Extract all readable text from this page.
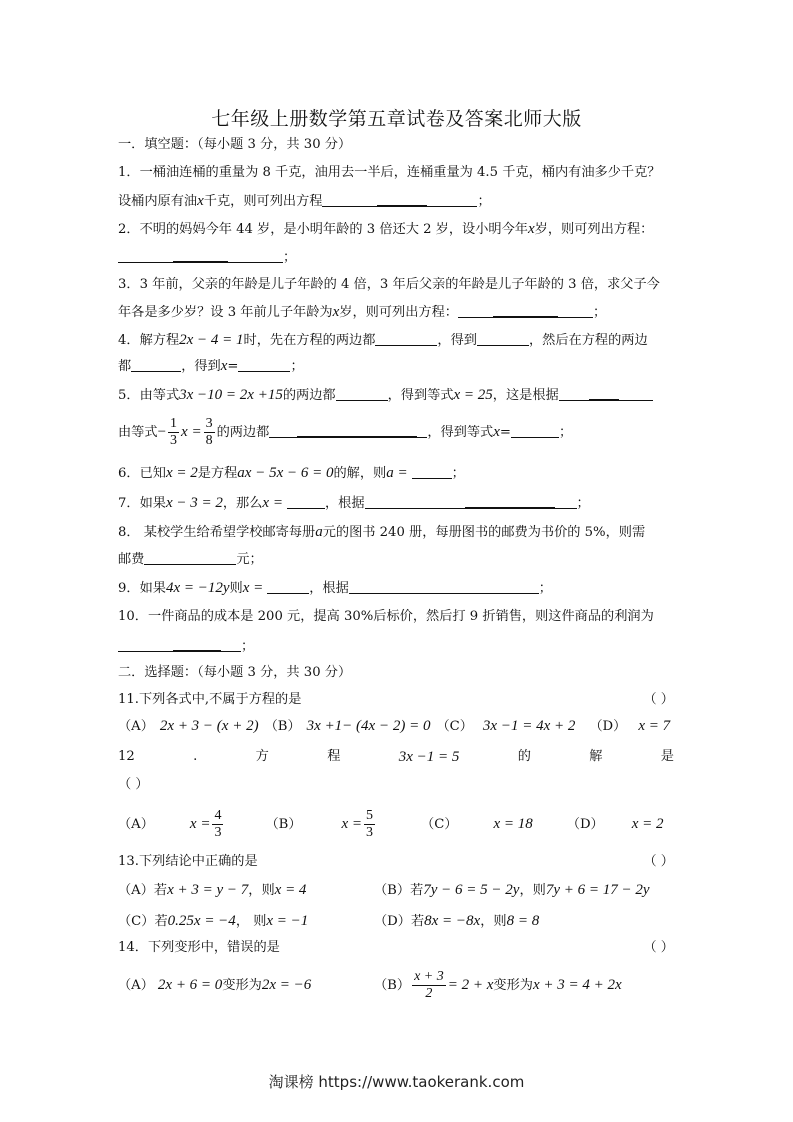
七年级上册数学第五章试卷及答案北师大版
一．填空题：（每小题 3 分，共 30 分）
1．一桶油连桶的重量为 8 千克，油用去一半后，连桶重量为 4.5 千克，桶内有油多少千克？
设桶内原有油x千克，则可列出方程	；
2．不明的妈妈今年 44 岁，是小明年龄的 3 倍还大 2 岁，设小明今年x岁，则可列出方程：
；
3．3 年前，父亲的年龄是儿子年龄的 4 倍，3 年后父亲的年龄是儿子年龄的 3 倍，求父子今
年各是多少岁？设 3 年前儿子年龄为x岁，则可列出方程：	；
4．解方程2x − 4 = 1时，先在方程的两边都	，得到	，然后在方程的两边
都	，得到x=	；
5．由等式3x −10 = 2x +15的两边都	，得到等式x = 25，这是根据
由等式− $\frac{1}{3}$ $x = \frac{3}{8}$ 的两边都	，得到等式x=	；
6．已知x = 2是方程ax − 5x − 6 = 0的解，则a =	；
7．如果x − 3 = 2，那么x =	，根据	；
8． 某校学生给希望学校邮寄每册a元的图书 240 册，每册图书的邮费为书价的 5%，则需
邮费	元；
9．如果4x = −12y则x =	，根据	；
10．一件商品的成本是 200 元，提高 30%后标价，然后打 9 折销售，则这件商品的利润为
；
二．选择题：（每小题 3 分，共 30 分）
11.下列各式中,不属于方程的是	（ ）
（A） 2x + 3 − (x + 2) （B） 3x +1− (4x − 2) = 0 （C） 3x −1 = 4x + 2 （D） x = 7
12	.	方	程	3x −1 = 5	的	解	是
（ ）
（A） $x = \frac{4}{3}$	（B）	$x = \frac{5}{3}$	（C） x = 18	（D） x = 2
13.下列结论中正确的是	（ ）
（A）若x + 3 = y − 7，则x = 4	（B）若7y − 6 = 5 − 2y，则7y + 6 = 17 − 2y
（C）若0.25x = −4， 则x = −1	（D）若8x = −8x，则8 = 8
14．下列变形中，错误的是	（ ）
（A） 2x + 6 = 0变形为2x = −6	$(B) \frac{x + 3}{2} = 2 + x$变形为x + 3 = 4 + 2x
淘课榜 https://www.taokerank.com
